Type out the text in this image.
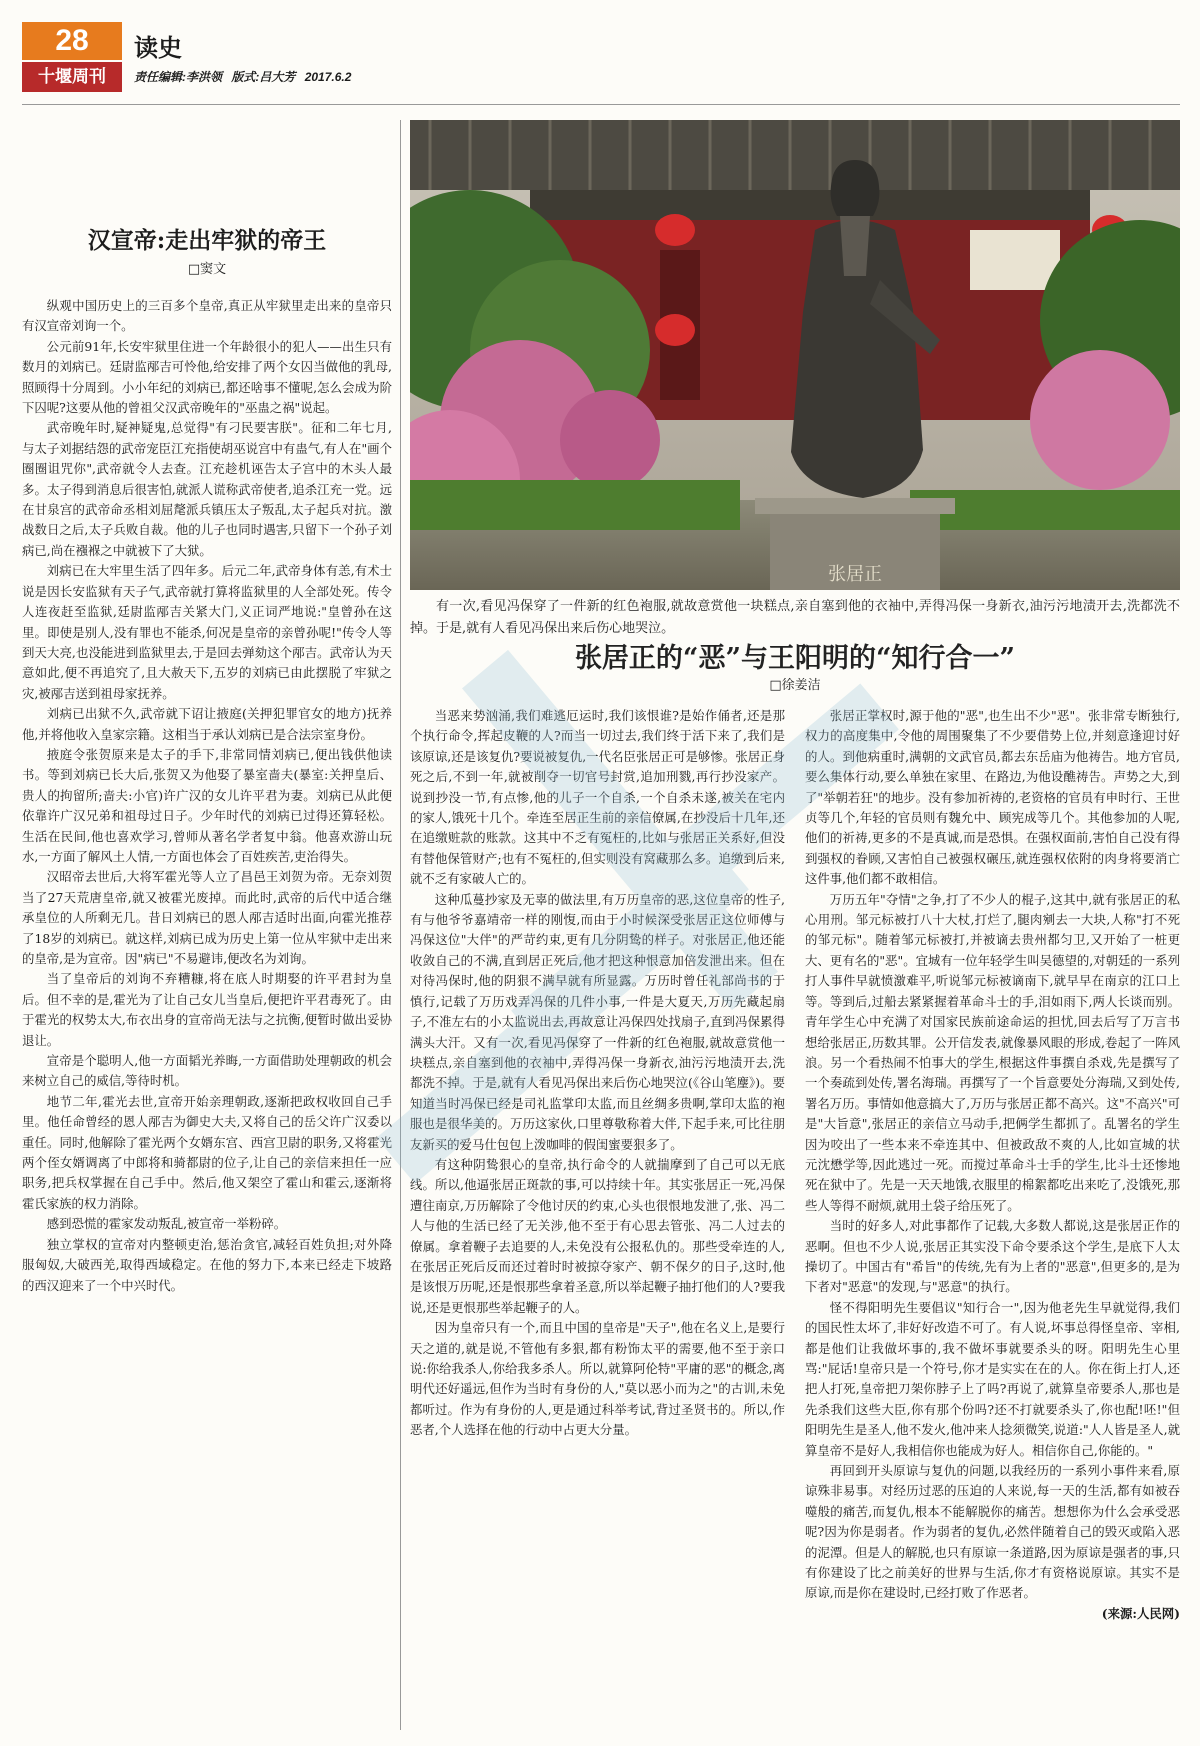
28
十堰周刊
读史
责任编辑:李洪领 版式:吕大芳 2017.6.2
张居正
有一次,看见冯保穿了一件新的红色袍服,就故意赏他一块糕点,亲自塞到他的衣袖中,弄得冯保一身新衣,油污污地渍开去,洗都洗不掉。于是,就有人看见冯保出来后伤心地哭泣。
汉宣帝:走出牢狱的帝王
□窦文

纵观中国历史上的三百多个皇帝,真正从牢狱里走出来的皇帝只有汉宣帝刘询一个。

公元前91年,长安牢狱里住进一个年龄很小的犯人——出生只有数月的刘病已。廷尉监邴吉可怜他,给安排了两个女囚当做他的乳母,照顾得十分周到。小小年纪的刘病已,都还啥事不懂呢,怎么会成为阶下囚呢?这要从他的曾祖父汉武帝晚年的"巫蛊之祸"说起。

武帝晚年时,疑神疑鬼,总觉得"有刁民要害朕"。征和二年七月,与太子刘据结怨的武帝宠臣江充指使胡巫说宫中有蛊气,有人在"画个圈圈诅咒你",武帝就令人去查。江充趁机诬告太子宫中的木头人最多。太子得到消息后很害怕,就派人谎称武帝使者,追杀江充一党。远在甘泉宫的武帝命丞相刘屈氂派兵镇压太子叛乱,太子起兵对抗。激战数日之后,太子兵败自裁。他的儿子也同时遇害,只留下一个孙子刘病已,尚在襁褓之中就被下了大狱。

刘病已在大牢里生活了四年多。后元二年,武帝身体有恙,有术士说是因长安监狱有天子气,武帝就打算将监狱里的人全部处死。传令人连夜赶至监狱,廷尉监邴吉关紧大门,义正词严地说:"皇曾孙在这里。即使是别人,没有罪也不能杀,何况是皇帝的亲曾孙呢!"传令人等到天大亮,也没能进到监狱里去,于是回去弹劾这个邴吉。武帝认为天意如此,便不再追究了,且大赦天下,五岁的刘病已由此摆脱了牢狱之灾,被邴吉送到祖母家抚养。

刘病已出狱不久,武帝就下诏让掖庭(关押犯罪官女的地方)抚养他,并将他收入皇家宗籍。这相当于承认刘病已是合法宗室身份。

掖庭令张贺原来是太子的手下,非常同情刘病已,便出钱供他读书。等到刘病已长大后,张贺又为他娶了暴室啬夫(暴室:关押皇后、贵人的拘留所;啬夫:小官)许广汉的女儿许平君为妻。刘病已从此便依靠许广汉兄弟和祖母过日子。少年时代的刘病已过得还算轻松。生活在民间,他也喜欢学习,曾师从著名学者复中翁。他喜欢游山玩水,一方面了解风土人情,一方面也体会了百姓疾苦,吏治得失。

汉昭帝去世后,大将军霍光等人立了昌邑王刘贺为帝。无奈刘贺当了27天荒唐皇帝,就又被霍光废掉。而此时,武帝的后代中适合继承皇位的人所剩无几。昔日刘病已的恩人邴吉适时出面,向霍光推荐了18岁的刘病已。就这样,刘病已成为历史上第一位从牢狱中走出来的皇帝,是为宣帝。因"病已"不易避讳,便改名为刘询。

当了皇帝后的刘询不弃糟糠,将在底人时期娶的许平君封为皇后。但不幸的是,霍光为了让自己女儿当皇后,便把许平君毒死了。由于霍光的权势太大,布衣出身的宣帝尚无法与之抗衡,便暂时做出妥协退让。

宣帝是个聪明人,他一方面韬光养晦,一方面借助处理朝政的机会来树立自己的威信,等待时机。

地节二年,霍光去世,宣帝开始亲理朝政,逐渐把政权收回自己手里。他任命曾经的恩人邴吉为御史大夫,又将自己的岳父许广汉委以重任。同时,他解除了霍光两个女婿东宫、西宫卫尉的职务,又将霍光两个侄女婿调离了中郎将和骑都尉的位子,让自己的亲信来担任一应职务,把兵权掌握在自己手中。然后,他又架空了霍山和霍云,逐渐将霍氏家族的权力消除。

感到恐慌的霍家发动叛乱,被宣帝一举粉碎。

独立掌权的宣帝对内整顿吏治,惩治贪官,减轻百姓负担;对外降服匈奴,大破西羌,取得西域稳定。在他的努力下,本来已经走下坡路的西汉迎来了一个中兴时代。

张居正的“恶”与王阳明的“知行合一”
□徐姜洁

当恶来势汹涌,我们难逃厄运时,我们该恨谁?是始作俑者,还是那个执行命令,挥起皮鞭的人?而当一切过去,我们终于活下来了,我们是该原谅,还是该复仇?要说被复仇,一代名臣张居正可是够惨。张居正身死之后,不到一年,就被削夺一切官号封赏,追加刑戮,再行抄没家产。说到抄没一节,有点惨,他的儿子一个自杀,一个自杀未遂,被关在宅内的家人,饿死十几个。牵连至居正生前的亲信僚属,在抄没后十几年,还在追缴赃款的账款。这其中不乏有冤枉的,比如与张居正关系好,但没有替他保管财产;也有不冤枉的,但实则没有窝藏那么多。追缴到后来,就不乏有家破人亡的。

这种瓜蔓抄家及无辜的做法里,有万历皇帝的恶,这位皇帝的性子,有与他爷爷嘉靖帝一样的刚愎,而由于小时候深受张居正这位师傅与冯保这位"大伴"的严苛约束,更有几分阴鸷的样子。对张居正,他还能收敛自己的不满,直到居正死后,他才把这种恨意加倍发泄出来。但在对待冯保时,他的阴狠不满早就有所显露。万历时曾任礼部尚书的于慎行,记载了万历戏弄冯保的几件小事,一件是大夏天,万历先藏起扇子,不准左右的小太监说出去,再故意让冯保四处找扇子,直到冯保累得满头大汗。又有一次,看见冯保穿了一件新的红色袍服,就故意赏他一块糕点,亲自塞到他的衣袖中,弄得冯保一身新衣,油污污地渍开去,洗都洗不掉。于是,就有人看见冯保出来后伤心地哭泣(《谷山笔麈》)。要知道当时冯保已经是司礼监掌印太监,而且丝绸多贵啊,掌印太监的袍服也是很华美的。万历这家伙,口里尊敬称着大伴,下起手来,可比往朋友新买的爱马仕包包上泼咖啡的假闺蜜要狠多了。

有这种阴鸷狠心的皇帝,执行命令的人就揣摩到了自己可以无底线。所以,他逼张居正斑款的事,可以持续十年。其实张居正一死,冯保遭往南京,万历解除了令他讨厌的约束,心头也很恨地发泄了,张、冯二人与他的生活已经了无关涉,他不至于有心思去管张、冯二人过去的僚属。拿着鞭子去追要的人,未免没有公报私仇的。那些受牵连的人,在张居正死后反而还过着时时被掠夺家产、朝不保夕的日子,这时,他是该恨万历呢,还是恨那些拿着圣意,所以举起鞭子抽打他们的人?要我说,还是更恨那些举起鞭子的人。

因为皇帝只有一个,而且中国的皇帝是"天子",他在名义上,是要行天之道的,就是说,不管他有多狠,都有粉饰太平的需要,他不至于亲口说:你给我杀人,你给我多杀人。所以,就算阿伦特"平庸的恶"的概念,离明代还好遥远,但作为当时有身份的人,"莫以恶小而为之"的古训,未免都听过。作为有身份的人,更是通过科举考试,背过圣贤书的。所以,作恶者,个人选择在他的行动中占更大分量。

张居正掌权时,源于他的"恶",也生出不少"恶"。张非常专断独行,权力的高度集中,令他的周围聚集了不少要借势上位,并刻意逢迎讨好的人。到他病重时,满朝的文武官员,都去东岳庙为他祷告。地方官员,要么集体行动,要么单独在家里、在路边,为他设醮祷告。声势之大,到了"举朝若狂"的地步。没有参加祈祷的,老资格的官员有申时行、王世贞等几个,年轻的官员则有魏允中、顾宪成等几个。其他参加的人呢,他们的祈祷,更多的不是真诚,而是恐惧。在强权面前,害怕自己没有得到强权的眷顾,又害怕自己被强权碾压,就连强权依附的肉身将要消亡这件事,他们都不敢相信。

万历五年"夺情"之争,打了不少人的棍子,这其中,就有张居正的私心用刑。邹元标被打八十大杖,打烂了,腿肉剜去一大块,人称"打不死的邹元标"。随着邹元标被打,并被谪去贵州都匀卫,又开始了一桩更大、更有名的"恶"。宜城有一位年轻学生叫吴德望的,对朝廷的一系列打人事件早就愤激难平,听说邹元标被谪南下,就早早在南京的江口上等。等到后,过船去紧紧握着革命斗士的手,泪如雨下,两人长谈而别。青年学生心中充满了对国家民族前途命运的担忧,回去后写了万言书想给张居正,历数其罪。公开信发表,就像暴风眼的形成,卷起了一阵风浪。另一个看热闹不怕事大的学生,根据这件事撰自杀戏,先是撰写了一个奏疏到处传,署名海瑞。再撰写了一个旨意要处分海瑞,又到处传,署名万历。事情如他意搞大了,万历与张居正都不高兴。这"不高兴"可是"大旨意",张居正的亲信立马动手,把俩学生都抓了。乱署名的学生因为咬出了一些本来不牵连其中、但被政敌不爽的人,比如宣城的状元沈懋学等,因此逃过一死。而搅过革命斗士手的学生,比斗士还惨地死在狱中了。先是一天天地饿,衣服里的棉絮都吃出来吃了,没饿死,那些人等得不耐烦,就用土袋子给压死了。

当时的好多人,对此事都作了记载,大多数人都说,这是张居正作的恶啊。但也不少人说,张居正其实没下命令要杀这个学生,是底下人太操切了。中国古有"希旨"的传统,先有为上者的"恶意",但更多的,是为下者对"恶意"的发现,与"恶意"的执行。

怪不得阳明先生要倡议"知行合一",因为他老先生早就觉得,我们的国民性太坏了,非好好改造不可了。有人说,坏事总得怪皇帝、宰相,都是他们让我做坏事的,我不做坏事就要杀头的呀。阳明先生心里骂:"屁话!皇帝只是一个符号,你才是实实在在的人。你在街上打人,还把人打死,皇帝把刀架你脖子上了吗?再说了,就算皇帝要杀人,那也是先杀我们这些大臣,你有那个份吗?还不打就要杀头了,你也配!呸!"但阳明先生是圣人,他不发火,他冲来人捻须微笑,说道:"人人皆是圣人,就算皇帝不是好人,我相信你也能成为好人。相信你自己,你能的。"

再回到开头原谅与复仇的问题,以我经历的一系列小事件来看,原谅殊非易事。对经历过恶的压迫的人来说,每一天的生活,都有如被吞噬般的痛苦,而复仇,根本不能解脱你的痛苦。想想你为什么会承受恶呢?因为你是弱者。作为弱者的复仇,必然伴随着自己的毁灭或陷入恶的泥潭。但是人的解脱,也只有原谅一条道路,因为原谅是强者的事,只有你建设了比之前美好的世界与生活,你才有资格说原谅。其实不是原谅,而是你在建设时,已经打败了作恶者。

(来源:人民网)
